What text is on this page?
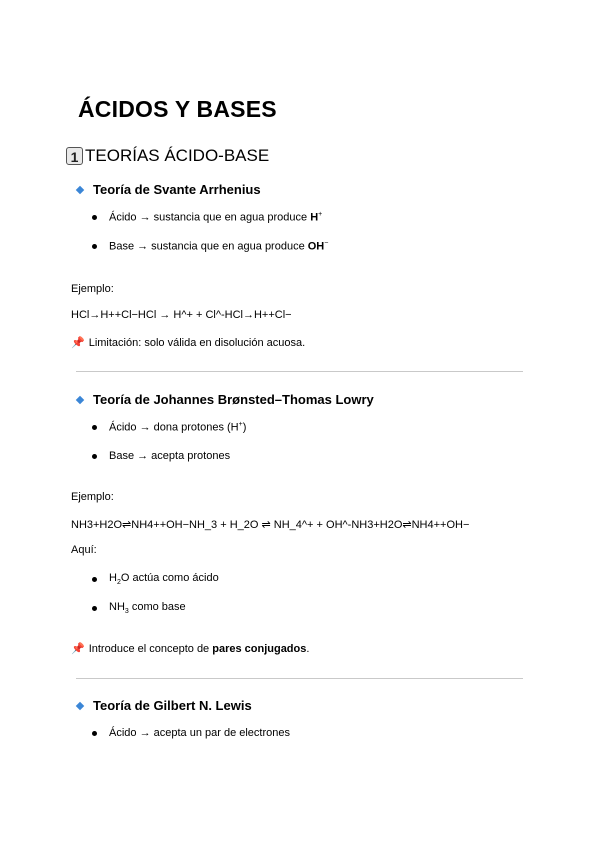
ÁCIDOS Y BASES
1 TEORÍAS ÁCIDO-BASE
Teoría de Svante Arrhenius
Ácido → sustancia que en agua produce H+
Base → sustancia que en agua produce OH−
Ejemplo:
HCl→H++Cl−HCl → H^+ + Cl^-HCl→H++Cl−
📌 Limitación: solo válida en disolución acuosa.
Teoría de Johannes Brønsted–Thomas Lowry
Ácido → dona protones (H+)
Base → acepta protones
Ejemplo:
NH3+H2O⇌NH4++OH−NH_3 + H_2O ⇌ NH_4^+ + OH^-NH3+H2O⇌NH4++OH−
Aquí:
$H_2O$ actúa como ácido
$NH_3$ como base
📌 Introduce el concepto de pares conjugados.
Teoría de Gilbert N. Lewis
Ácido → acepta un par de electrones
